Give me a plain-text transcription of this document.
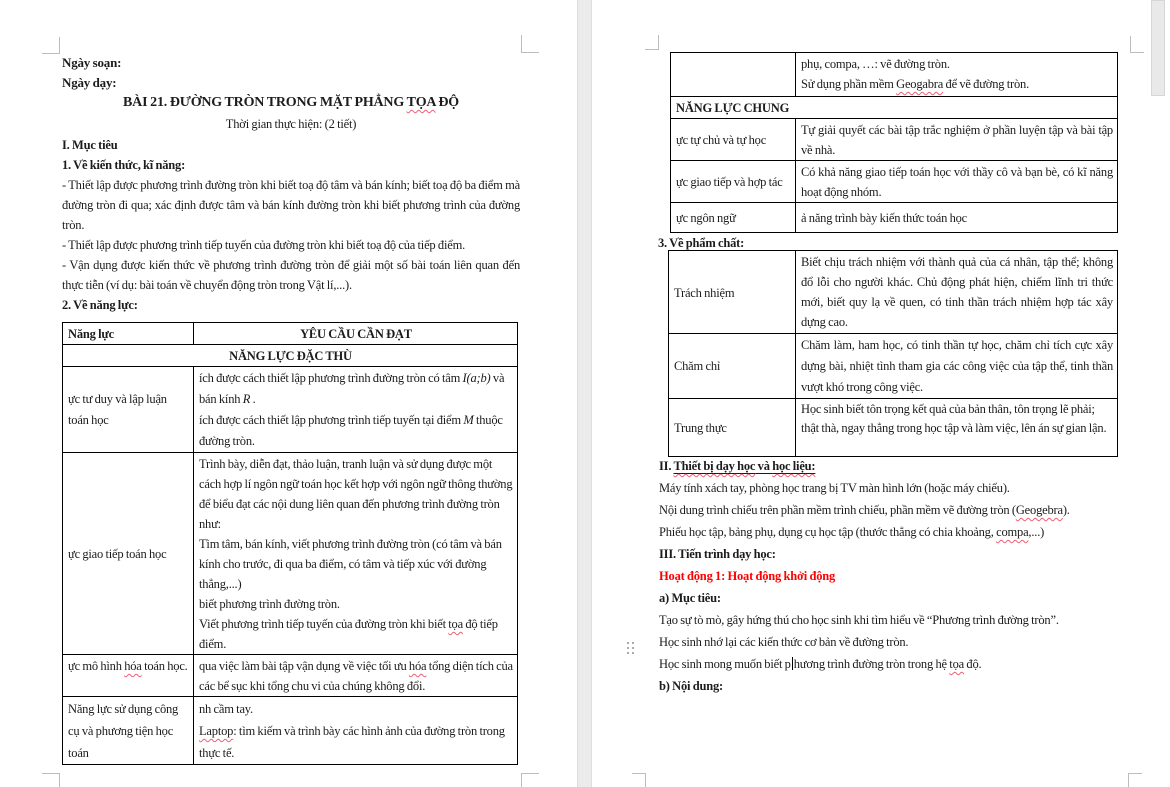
Ngày soạn:
Ngày dạy:
BÀI 21. ĐƯỜNG TRÒN TRONG MẶT PHẲNG TỌA ĐỘ
Thời gian thực hiện: (2 tiết)
I. Mục tiêu
1. Về kiến thức, kĩ năng:
- Thiết lập được phương trình đường tròn khi biết toạ độ tâm và bán kính; biết toạ độ ba điểm mà đường tròn đi qua; xác định được tâm và bán kính đường tròn khi biết phương trình của đường tròn.
- Thiết lập được phương trình tiếp tuyến của đường tròn khi biết toạ độ của tiếp điểm.
- Vận dụng được kiến thức về phương trình đường tròn để giải một số bài toán liên quan đến thực tiễn (ví dụ: bài toán về chuyển động tròn trong Vật lí,...).
2. Về năng lực:
Năng lực	YÊU CẦU CẦN ĐẠT
NĂNG LỰC ĐẶC THÙ	
ực tư duy và lập luận toán học	ích được cách thiết lập phương trình đường tròn có tâm I(a;b) và bán kính R .
ích được cách thiết lập phương trình tiếp tuyến tại điểm M thuộc đường tròn.
ực giao tiếp toán học	Trình bày, diễn đạt, thảo luận, tranh luận và sử dụng được một cách hợp lí ngôn ngữ toán học kết hợp với ngôn ngữ thông thường để biểu đạt các nội dung liên quan đến phương trình đường tròn như:
Tìm tâm, bán kính, viết phương trình đường tròn (có tâm và bán kính cho trước, đi qua ba điểm, có tâm và tiếp xúc với đường thẳng,...)
biết phương trình đường tròn.
Viết phương trình tiếp tuyến của đường tròn khi biết tọa độ tiếp điểm.

ực mô hình hóa toán học.	qua việc làm bài tập vận dụng về việc tối ưu hóa tổng diện tích của các bể sục khi tổng chu vi của chúng không đổi.
Năng lực sử dụng công cụ và phương tiện học toán	nh cầm tay.
Laptop: tìm kiếm và trình bày các hình ảnh của đường tròn trong thực tế.

	phụ, compa, …: vẽ đường tròn.
Sử dụng phần mềm Geogabra để vẽ đường tròn.

NĂNG LỰC CHUNG	
ực tự chủ và tự học	Tự giải quyết các bài tập trắc nghiệm ở phần luyện tập và bài tập về nhà.
ực giao tiếp và hợp tác	Có khả năng giao tiếp toán học với thầy cô và bạn bè, có kĩ năng hoạt động nhóm.
ực ngôn ngữ	ả năng trình bày kiến thức toán học
3. Về phẩm chất:
Trách nhiệm	Biết chịu trách nhiệm với thành quả của cá nhân, tập thể; không đổ lỗi cho người khác. Chủ động phát hiện, chiếm lĩnh tri thức mới, biết quy lạ về quen, có tinh thần trách nhiệm hợp tác xây dựng cao.
Chăm chỉ	Chăm làm, ham học, có tinh thần tự học, chăm chỉ tích cực xây dựng bài, nhiệt tình tham gia các công việc của tập thể, tinh thần vượt khó trong công việc.
Trung thực	Học sinh biết tôn trọng kết quả của bản thân, tôn trọng lẽ phải; thật thà, ngay thẳng trong học tập và làm việc, lên án sự gian lận.
II. Thiết bị dạy học và học liệu:
Máy tính xách tay, phòng học trang bị TV màn hình lớn (hoặc máy chiếu).
Nội dung trình chiếu trên phần mềm trình chiếu, phần mềm vẽ đường tròn (Geogebra).
Phiếu học tập, bảng phụ, dụng cụ học tập (thước thẳng có chia khoảng, compa,...)
III. Tiến trình dạy học:
Hoạt động 1: Hoạt động khởi động
a) Mục tiêu:
Tạo sự tò mò, gây hứng thú cho học sinh khi tìm hiểu về “Phương trình đường tròn”.
Học sinh nhớ lại các kiến thức cơ bản về đường tròn.
Học sinh mong muốn biết p hương trình đường tròn trong hệ tọa độ.
b) Nội dung:
